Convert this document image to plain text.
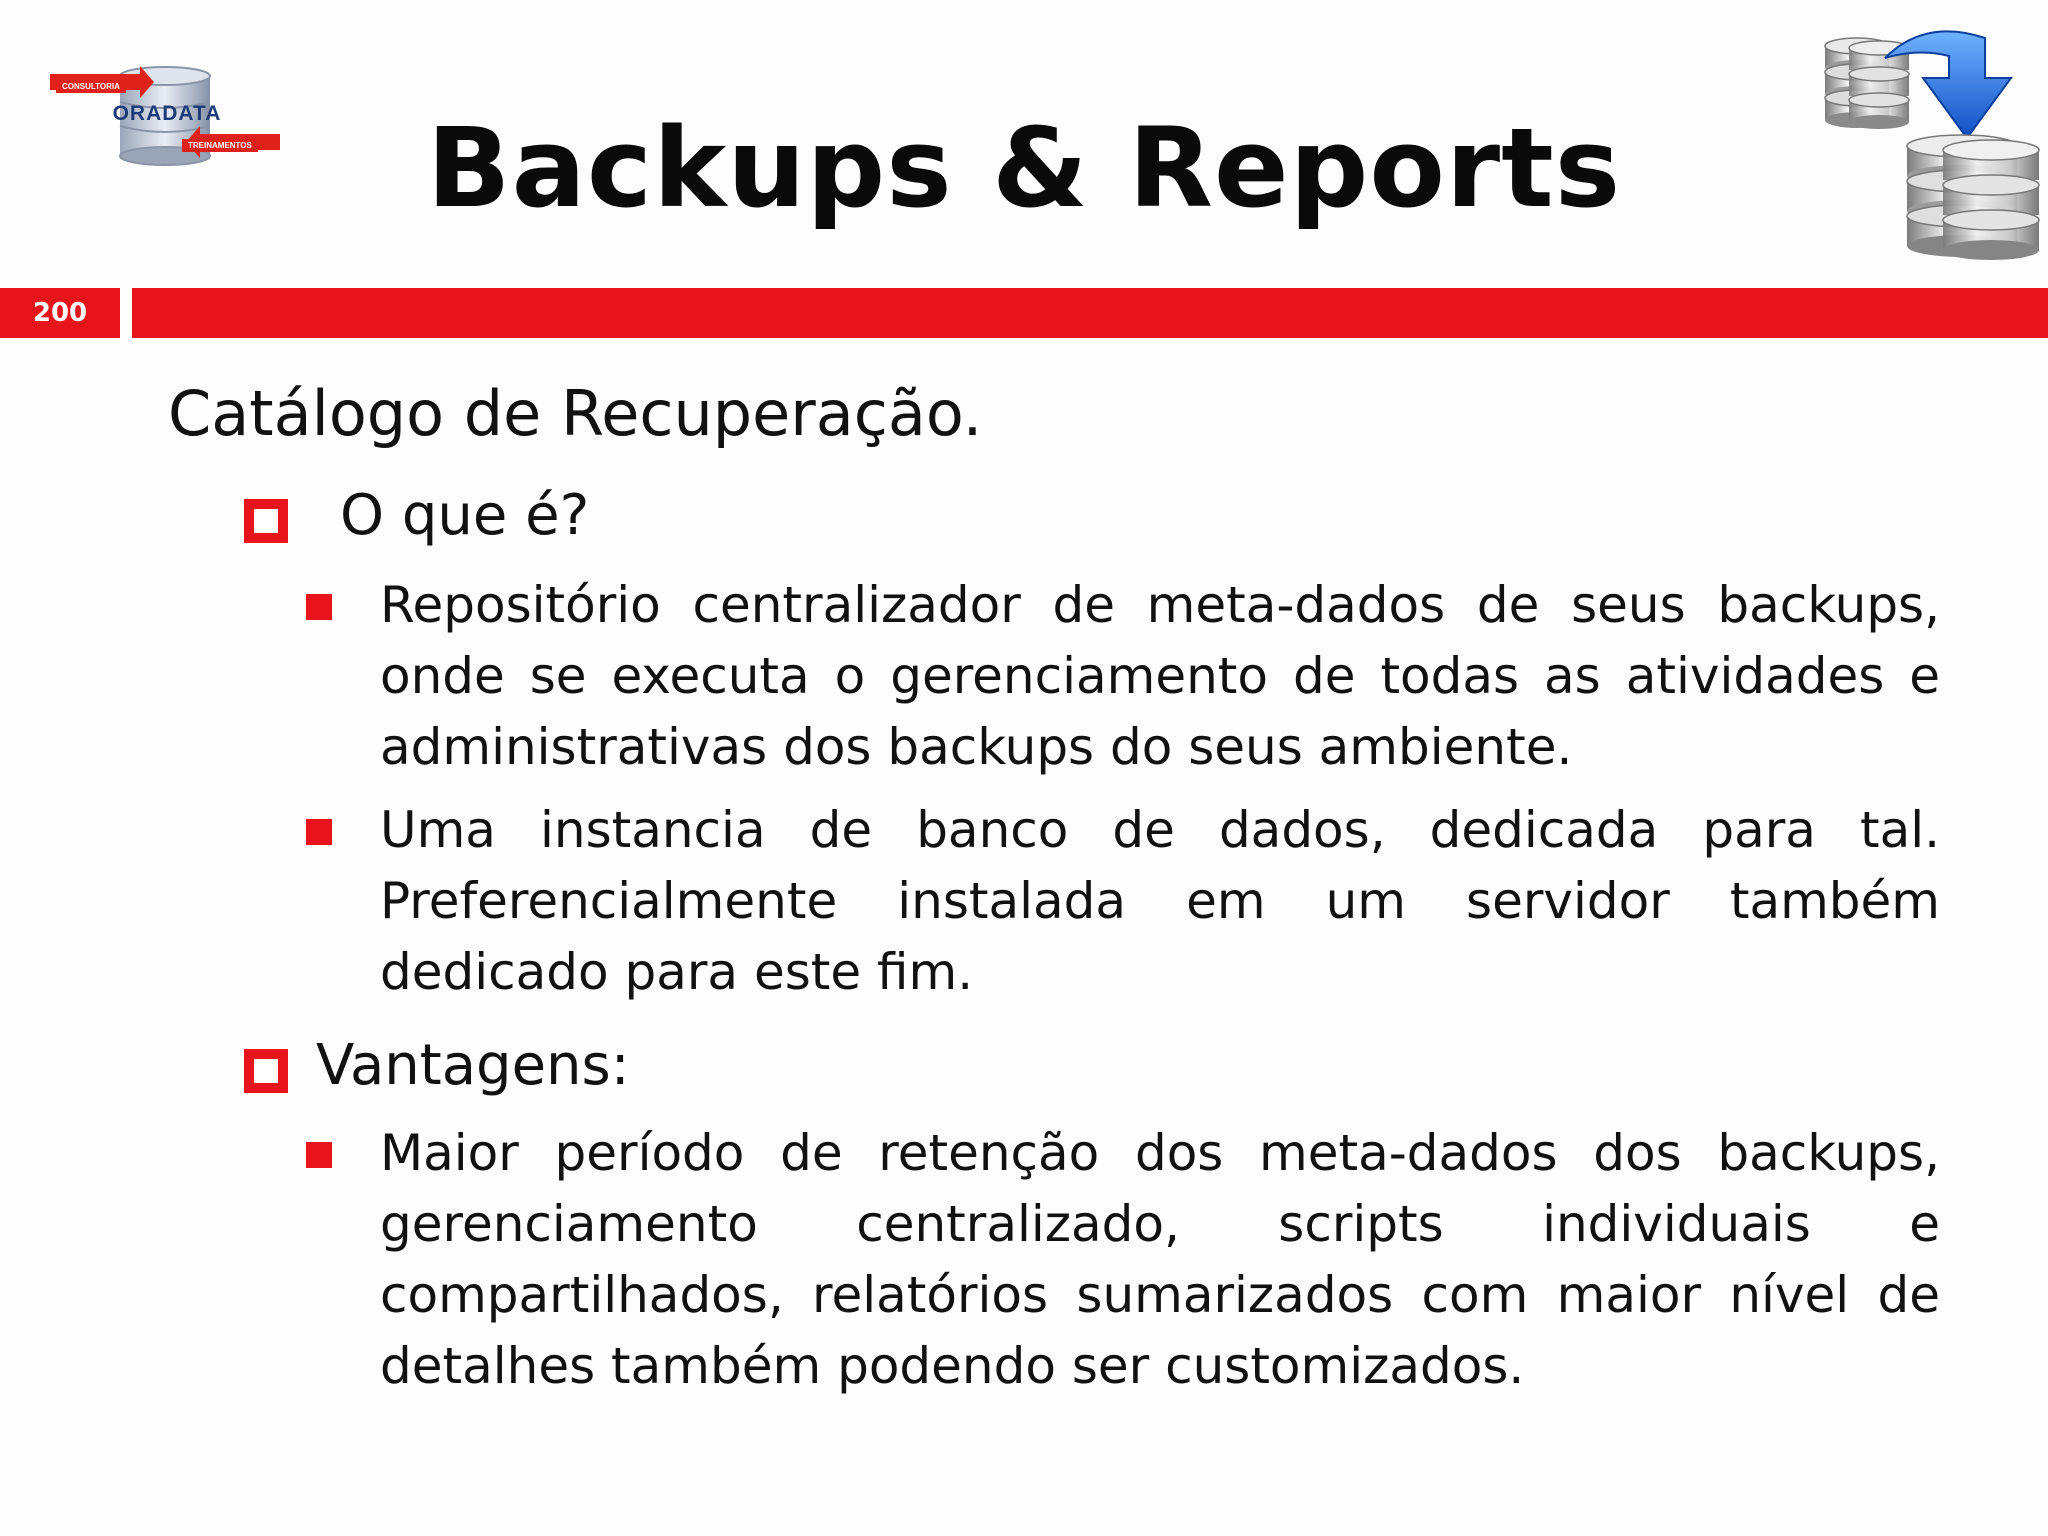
CONSULTORIA
ORADATA
TREINAMENTOS	Backups & Reports
200
Catálogo de Recuperação.
O que é?
Repositório centralizador de meta-dados de seus backups, onde se executa o gerenciamento de todas as atividades e administrativas dos backups do seus ambiente.
Uma instancia de banco de dados, dedicada para tal. Preferencialmente instalada em um servidor também dedicado para este fim.
Vantagens:
Maior período de retenção dos meta-dados dos backups, gerenciamento centralizado, scripts individuais e compartilhados, relatórios sumarizados com maior nível de detalhes também podendo ser customizados.
